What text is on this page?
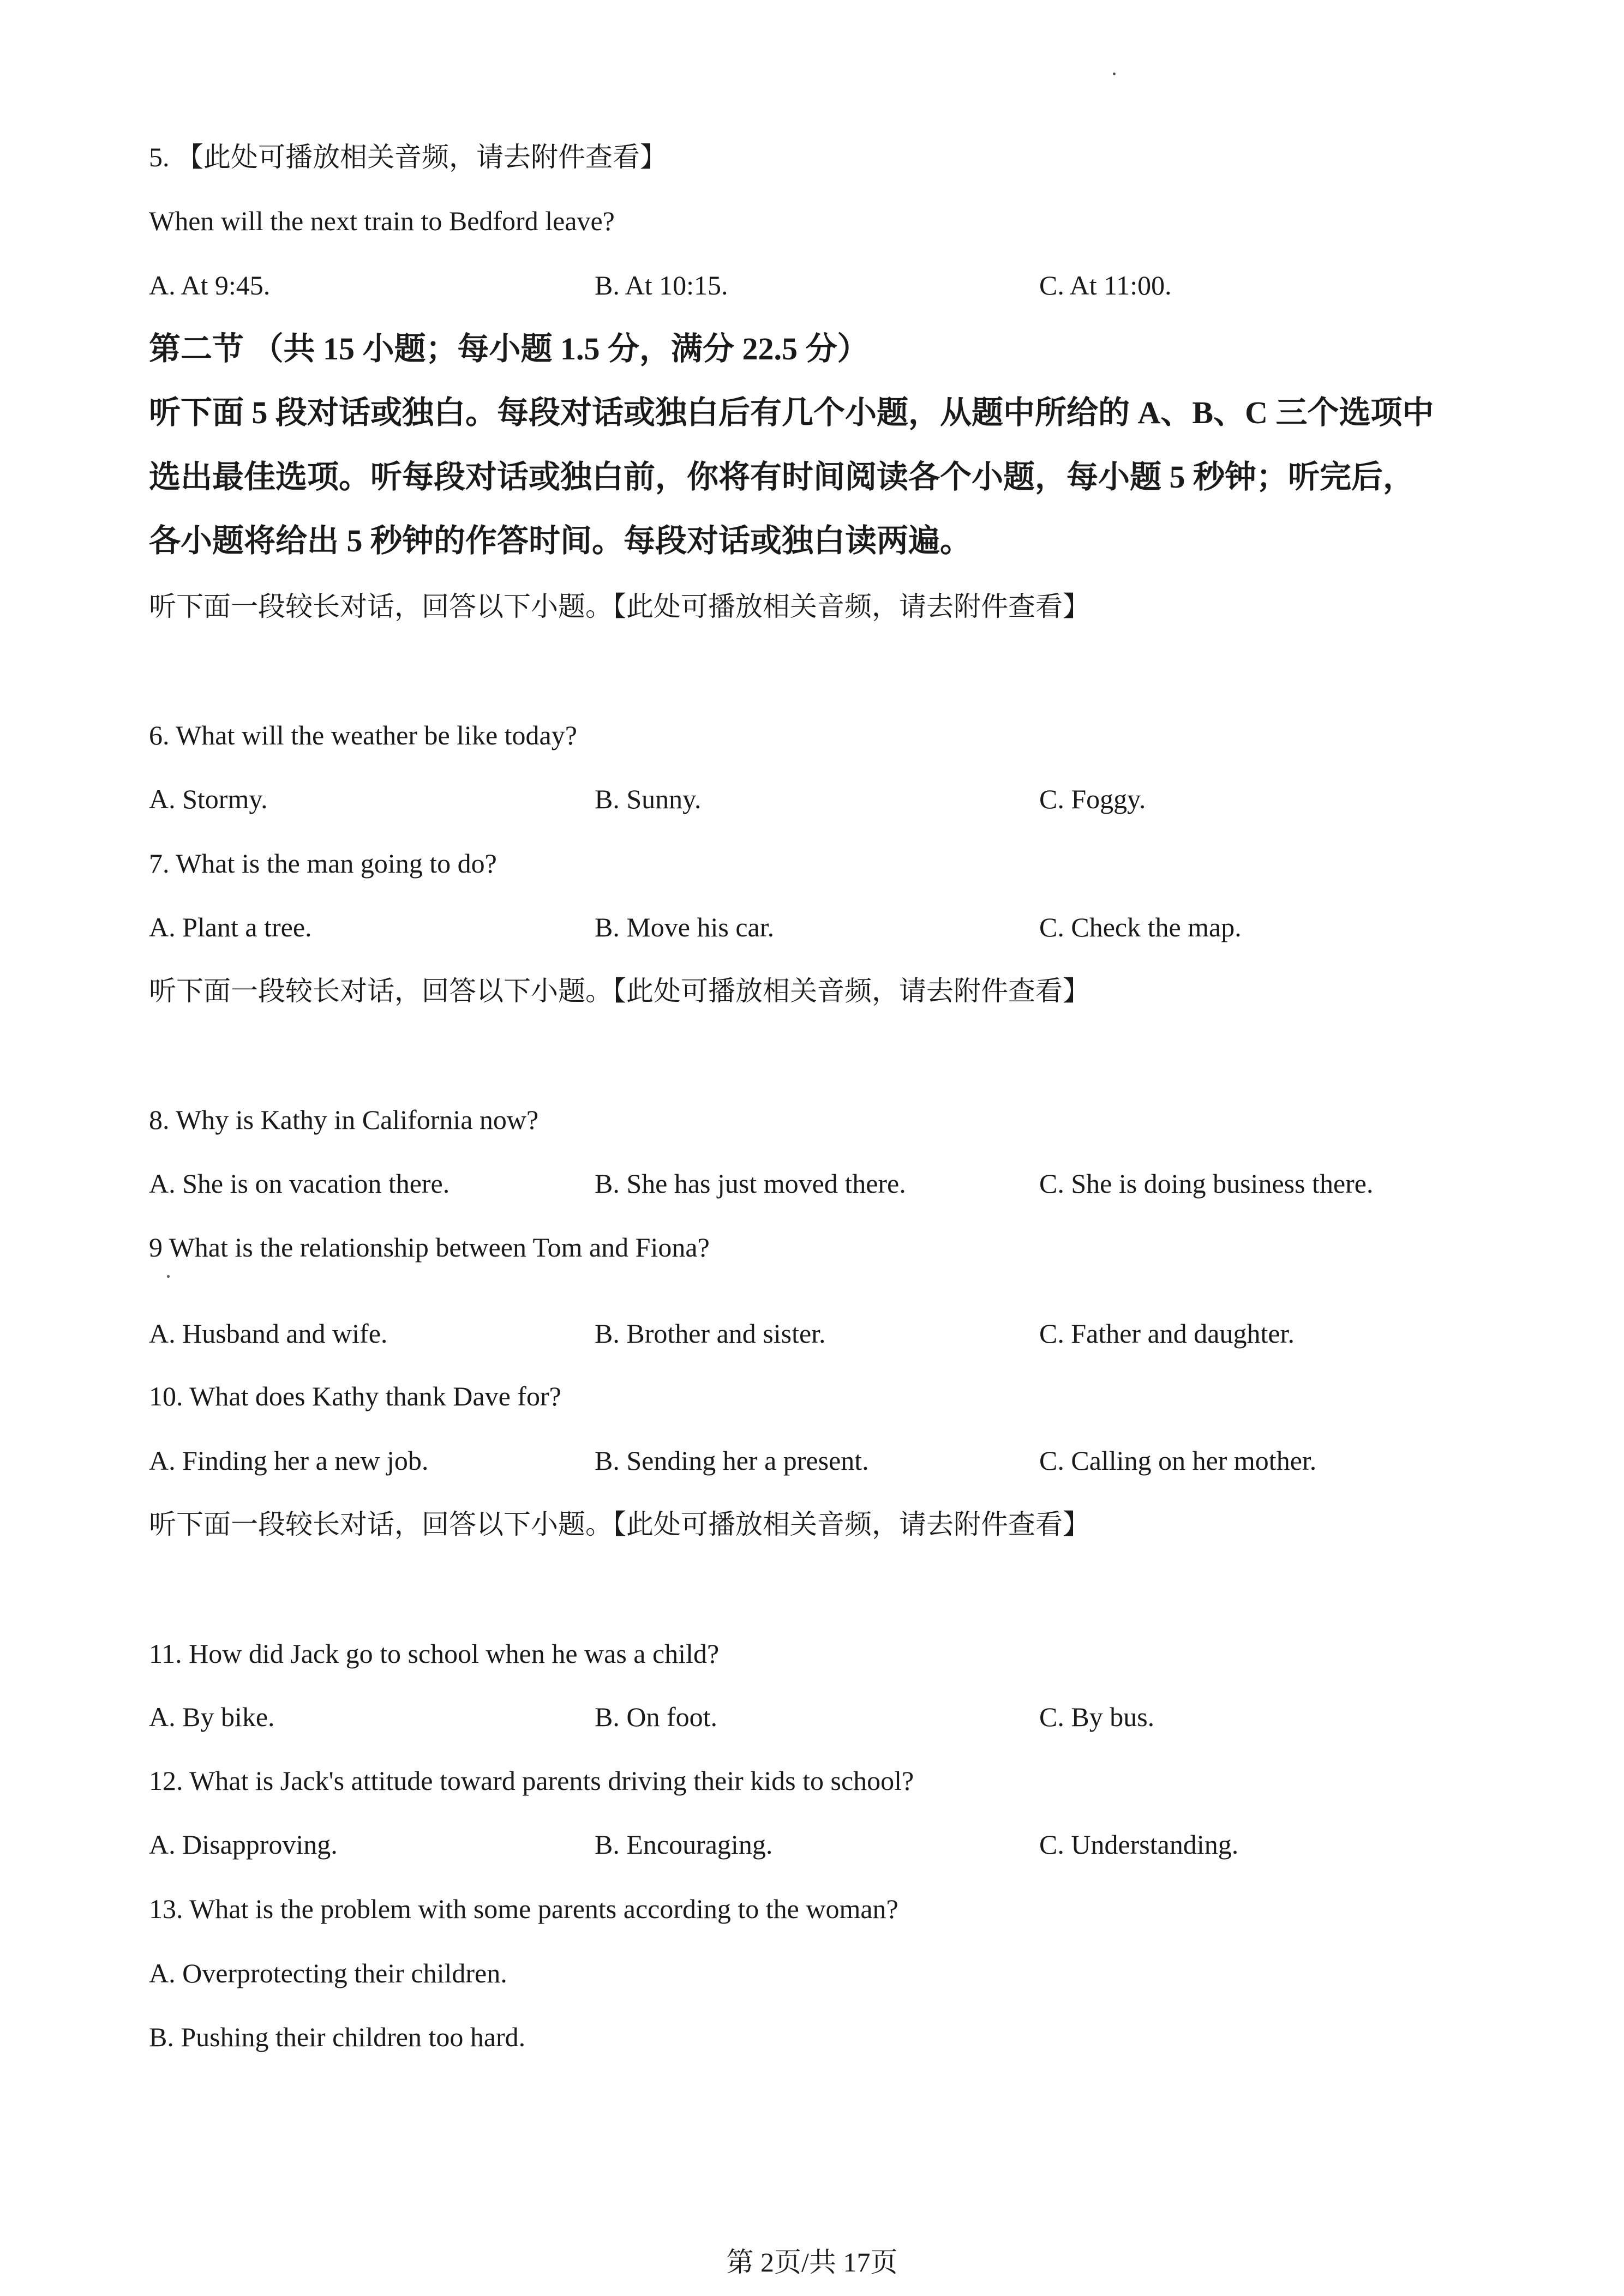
5. 【此处可播放相关音频，请去附件查看】
When will the next train to Bedford leave?
A. At 9:45.	B. At 10:15.	C. At 11:00.
第二节 （共 15 小题；每小题 1.5 分，满分 22.5 分）
听下面 5 段对话或独白。每段对话或独白后有几个小题，从题中所给的 A、B、C 三个选项中
选出最佳选项。听每段对话或独白前，你将有时间阅读各个小题，每小题 5 秒钟；听完后，
各小题将给出 5 秒钟的作答时间。每段对话或独白读两遍。
听下面一段较长对话，回答以下小题。【此处可播放相关音频，请去附件查看】
6. What will the weather be like today?
A. Stormy.	B. Sunny.	C. Foggy.
7. What is the man going to do?
A. Plant a tree.	B. Move his car.	C. Check the map.
听下面一段较长对话，回答以下小题。【此处可播放相关音频，请去附件查看】
8. Why is Kathy in California now?
A. She is on vacation there.	B. She has just moved there.	C. She is doing business there.
9 What is the relationship between Tom and Fiona?
A. Husband and wife.	B. Brother and sister.	C. Father and daughter.
10. What does Kathy thank Dave for?
A. Finding her a new job.	B. Sending her a present.	C. Calling on her mother.
听下面一段较长对话，回答以下小题。【此处可播放相关音频，请去附件查看】
11. How did Jack go to school when he was a child?
A. By bike.	B. On foot.	C. By bus.
12. What is Jack's attitude toward parents driving their kids to school?
A. Disapproving.	B. Encouraging.	C. Understanding.
13. What is the problem with some parents according to the woman?
A. Overprotecting their children.
B. Pushing their children too hard.
第 2页/共 17页
